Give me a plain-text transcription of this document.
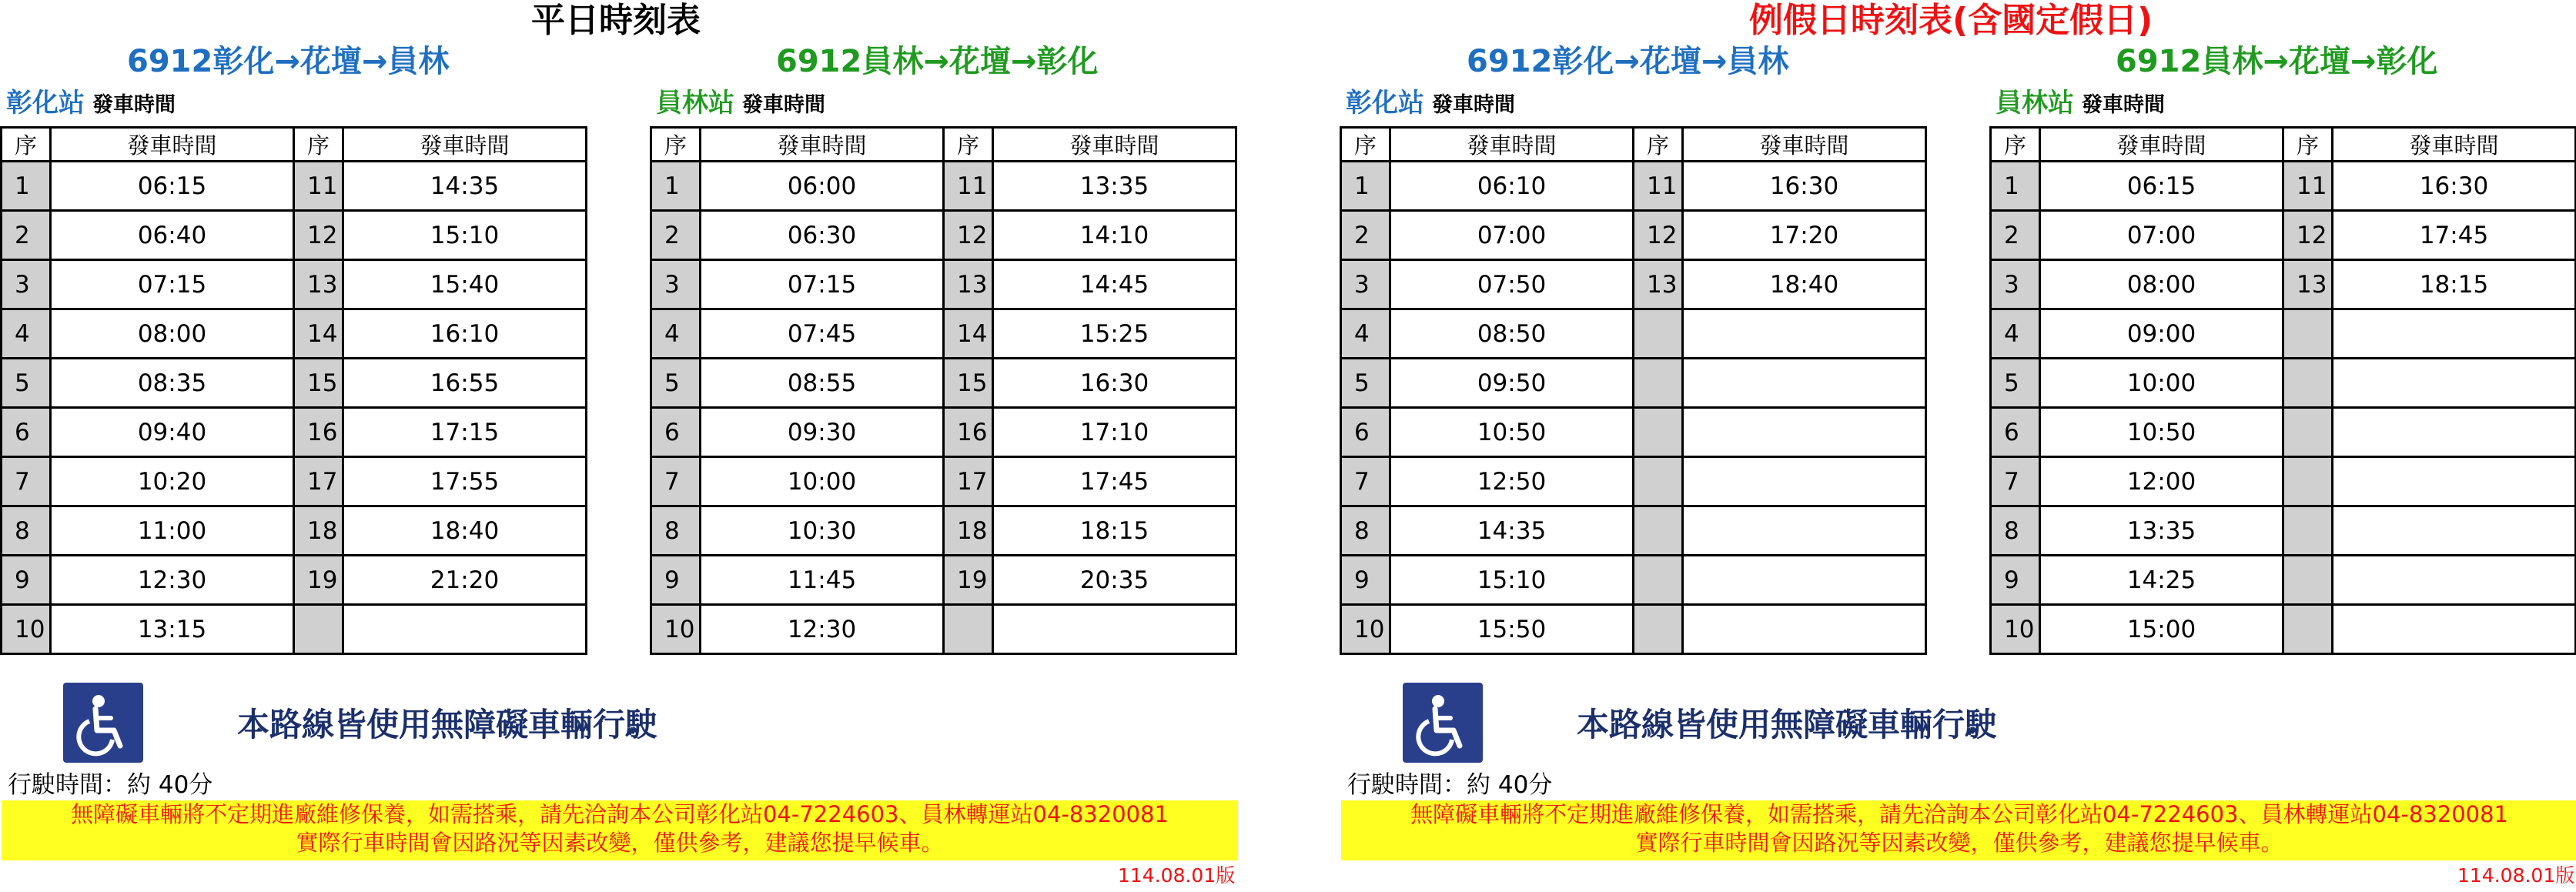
平日時刻表
6912彰化→花壇→員林	6912員林→花壇→彰化
彰化站 發車時間	員林站 發車時間
序	發車時間	序	發車時間
1	06:15	11	14:35
2	06:40	12	15:10
3	07:15	13	15:40
4	08:00	14	16:10
5	08:35	15	16:55
6	09:40	16	17:15
7	10:20	17	17:55
8	11:00	18	18:40
9	12:30	19	21:20
10	13:15		
序	發車時間	序	發車時間
1	06:00	11	13:35
2	06:30	12	14:10
3	07:15	13	14:45
4	07:45	14	15:25
5	08:55	15	16:30
6	09:30	16	17:10
7	10:00	17	17:45
8	10:30	18	18:15
9	11:45	19	20:35
10	12:30		
本路線皆使用無障礙車輛行駛
行駛時間：約 40分
無障礙車輛將不定期進廠維修保養，如需搭乘，請先洽詢本公司彰化站04-7224603、員林轉運站04-8320081
實際行車時間會因路況等因素改變，僅供參考，建議您提早候車。
114.08.01版
例假日時刻表(含國定假日)
6912彰化→花壇→員林	6912員林→花壇→彰化
彰化站 發車時間	員林站 發車時間
序	發車時間	序	發車時間
1	06:10	11	16:30
2	07:00	12	17:20
3	07:50	13	18:40
4	08:50		
5	09:50		
6	10:50		
7	12:50		
8	14:35		
9	15:10		
10	15:50		
序	發車時間	序	發車時間
1	06:15	11	16:30
2	07:00	12	17:45
3	08:00	13	18:15
4	09:00		
5	10:00		
6	10:50		
7	12:00		
8	13:35		
9	14:25		
10	15:00		
本路線皆使用無障礙車輛行駛
行駛時間：約 40分
無障礙車輛將不定期進廠維修保養，如需搭乘，請先洽詢本公司彰化站04-7224603、員林轉運站04-8320081
實際行車時間會因路況等因素改變，僅供參考，建議您提早候車。
114.08.01版
